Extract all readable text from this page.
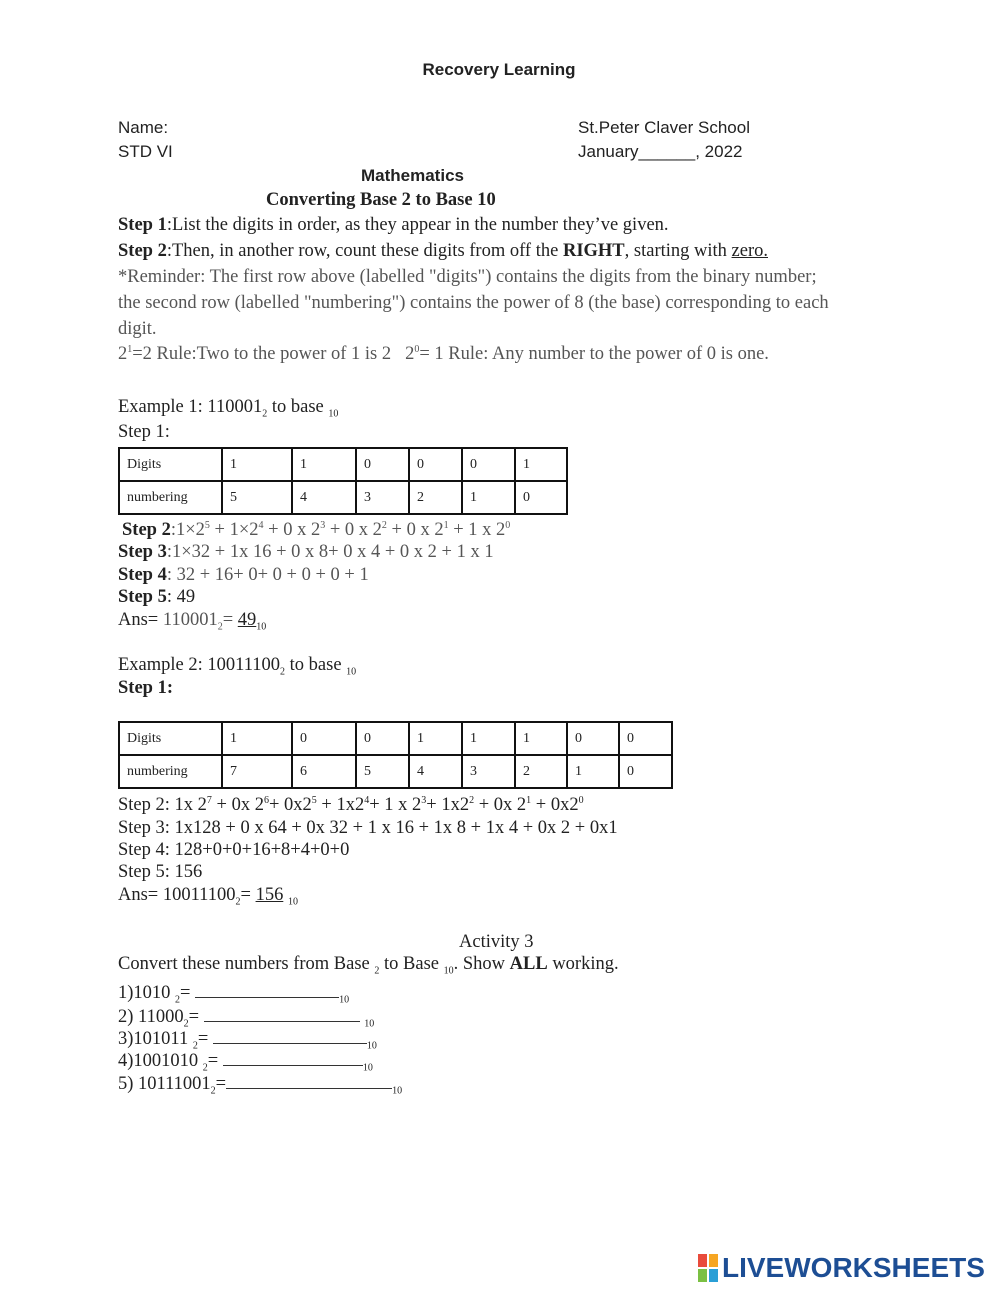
Recovery Learning
Name:
STD VI
St.Peter Claver School
January______, 2022
Mathematics
Converting Base 2 to Base 10
Step 1:List the digits in order, as they appear in the number they’ve given.
Step 2:Then, in another row, count these digits from off the RIGHT, starting with zero.
*Reminder: The first row above (labelled "digits") contains the digits from the binary number;
the second row (labelled "numbering") contains the power of 8 (the base) corresponding to each
digit.
$2^1=2$ Rule:Two to the power of 1 is 2 $2^0= 1$ Rule: Any number to the power of 0 is one.
Example 1: $110001_2$ to base $_{10}$
Step 1:
Digits	1	1	0	0	0	1
numbering	5	4	3	2	1	0
Step $2:1\times 2^5 + 1\times 2^4 + 0$ x $2^3 + 0$ x $2^2 + 0$ x $2^1 + 1$ x $2^0$
Step 3:1×32 + 1x 16 + 0 x 8+ 0 x 4 + 0 x 2 + 1 x 1
Step 4: 32 + 16+ 0+ 0 + 0 + 0 + 1
Step 5: 49
$Ans= 110001_2= 49_{10}$
Example 2: $10011100_2$ to base $_{10}$
Step 1:
Digits	1	0	0	1	1	1	0	0
numbering	7	6	5	4	3	2	1	0
Step 2: 1x $2^7 + 0x$ $2^6+ 0x2^5 + 1x2^4+ 1$ x $2^3+ 1x2^2 + 0x$ $2^1 + 0x2^0$
Step 3: 1x128 + 0 x 64 + 0x 32 + 1 x 16 + 1x 8 + 1x 4 + 0x 2 + 0x1
Step 4: 128+0+0+16+8+4+0+0
Step 5: 156
$Ans= 10011100_2= 156$ $_{10}$
Activity 3
Convert these numbers from Base $_2$ to Base $_{10}$. Show ALL working.
1)1010 $_2$=	$_{10}$
2) $11000_2=$	$_{10}$
3)101011 $_2$=	$_{10}$
4)1001010 $_2$=	$_{10}$
5) $10111001_2=$	$_{10}$
LIVEWORKSHEETS
